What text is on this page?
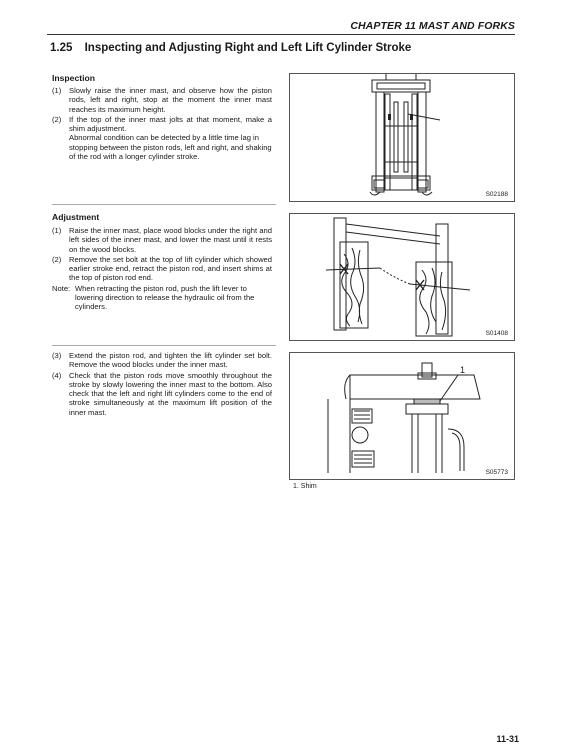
CHAPTER 11 MAST AND FORKS
1.25 Inspecting and Adjusting Right and Left Lift Cylinder Stroke
Inspection
(1) Slowly raise the inner mast, and observe how the piston rods, left and right, stop at the moment the inner mast reaches its maximum height.
(2) If the top of the inner mast jolts at that moment, make a shim adjustment.
Abnormal condition can be detected by a little time lag in stopping between the piston rods, left and right, and shaking of the rod with a longer cylinder stroke.
Adjustment
(1) Raise the inner mast, place wood blocks under the right and left sides of the inner mast, and lower the mast until it rests on the wood blocks.
(2) Remove the set bolt at the top of lift cylinder which showed earlier stroke end, retract the piston rod, and insert shims at the top of piston rod end.
Note: When retracting the piston rod, push the lift lever to lowering direction to release the hydraulic oil from the cylinders.
(3) Extend the piston rod, and tighten the lift cylinder set bolt. Remove the wood blocks under the inner mast.
(4) Check that the piston rods move smoothly throughout the stroke by slowly lowering the inner mast to the bottom. Also check that the left and right lift cylinders come to the end of stroke simultaneously at the maximum lift position of the inner mast.
S02188
S01408
1
S05773
1. Shim
11-31
